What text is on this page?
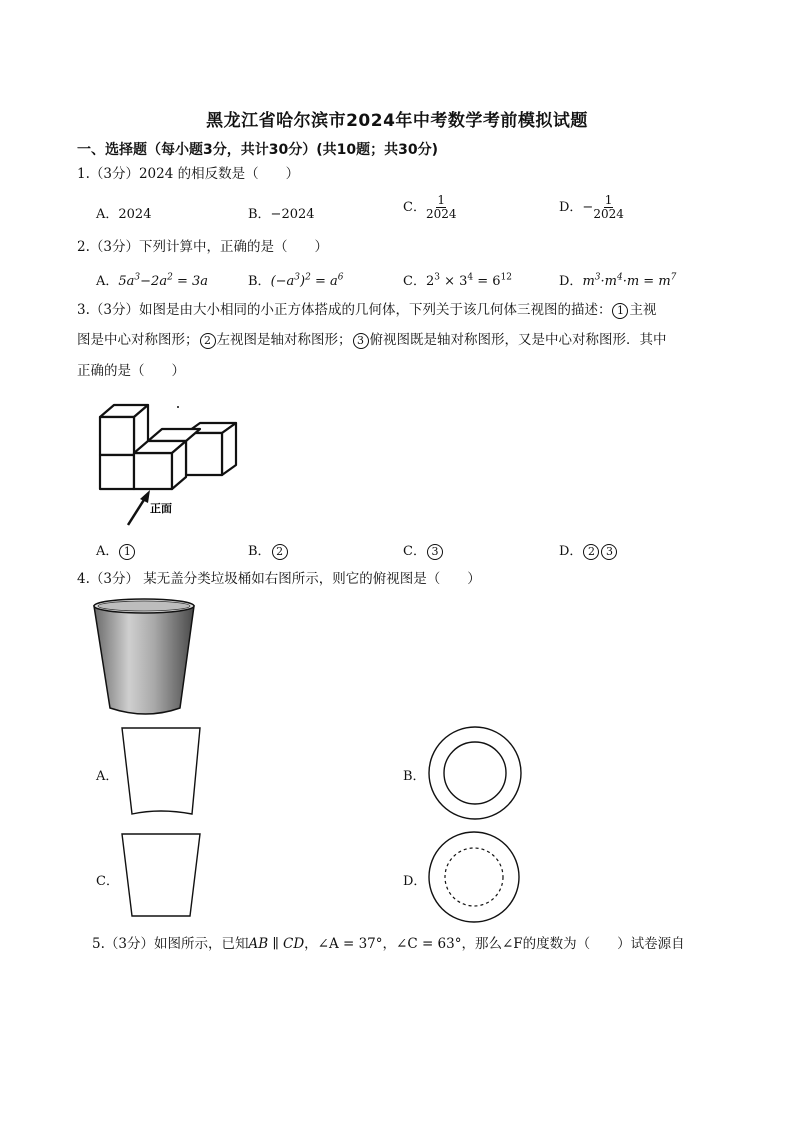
黑龙江省哈尔滨市2024年中考数学考前模拟试题
一、选择题（每小题3分，共计30分）(共10题；共30分)
1.（3分）2024 的相反数是（　　）
A．2024	B．−2024	C． $\frac{1}{2024}$	D．− $\frac{1}{2024}$
2.（3分）下列计算中，正确的是（　　）
A．$5a^3-2a^2 = 3a$	B．$(-a^3)^2 = a^6$	C．$2^3 \times 3^4 = 6^{12}$	D．$m^3\cdot m^4\cdot m = m^7$
3.（3分）如图是由大小相同的小正方体搭成的几何体，下列关于该几何体三视图的描述： 1 主视
图是中心对称图形； 2 左视图是轴对称图形； 3 俯视图既是轴对称图形，又是中心对称图形．其中
正确的是（　　）
正面
A． 1	B． 2	C． 3	D． 2 3
4.（3分） 某无盖分类垃圾桶如右图所示，则它的俯视图是（　　）
A．	B．
C．	D．
5.（3分）如图所示，已知AB ∥ CD，∠A = 37°，∠C = 63°，那么∠F的度数为（　　）试卷源自
